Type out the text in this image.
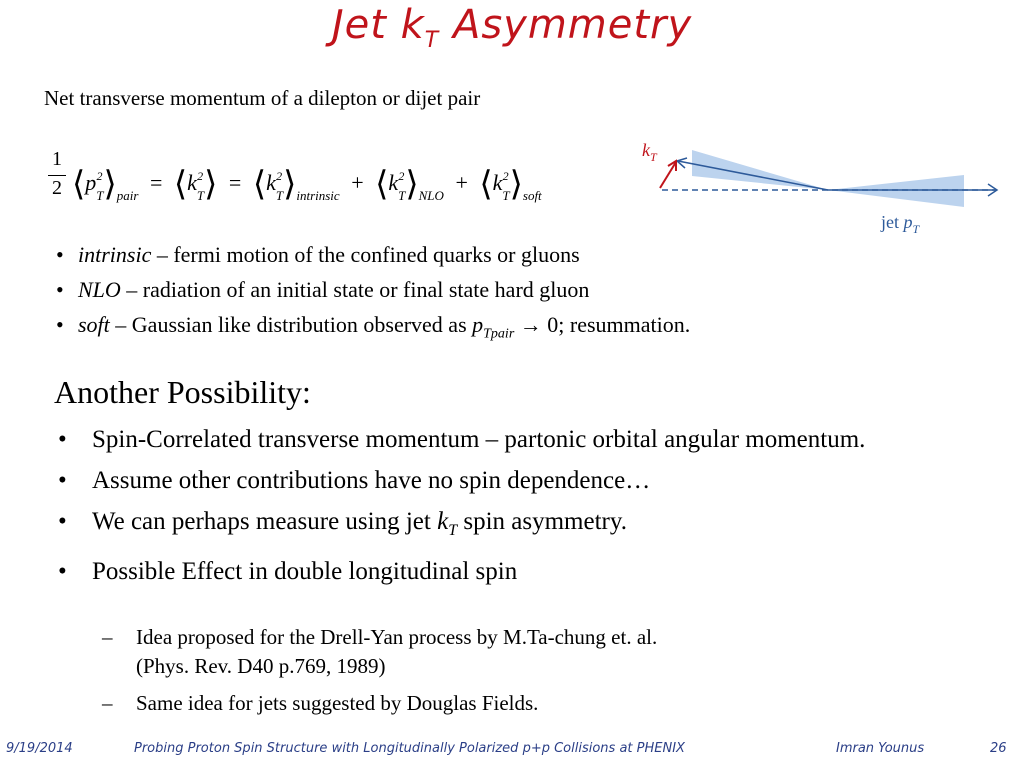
Jet $k_T$ Asymmetry
Net transverse momentum of a dilepton or dijet pair
1
2 $⟨p_T^2⟩_{pair}$ = $⟨k_T^2⟩$ = $⟨k_T^2⟩_{intrinsic}$ + $⟨k_T^2⟩_{NLO}$ + $⟨k_T^2⟩_{soft}$
$k_T$
jet $p_T$
• intrinsic – fermi motion of the confined quarks or gluons
• NLO – radiation of an initial state or final state hard gluon
• soft – Gaussian like distribution observed as $p_{Tpair} \to 0$; resummation.
Another Possibility:
• Spin-Correlated transverse momentum – partonic orbital angular momentum.
• Assume other contributions have no spin dependence…
• We can perhaps measure using jet $k_T$ spin asymmetry.
• Possible Effect in double longitudinal spin
– Idea proposed for the Drell-Yan process by M.Ta-chung et. al.
(Phys. Rev. D40 p.769, 1989)
– Same idea for jets suggested by Douglas Fields.
9/19/2014	Probing Proton Spin Structure with Longitudinally Polarized p+p Collisions at PHENIX	Imran Younus	26
